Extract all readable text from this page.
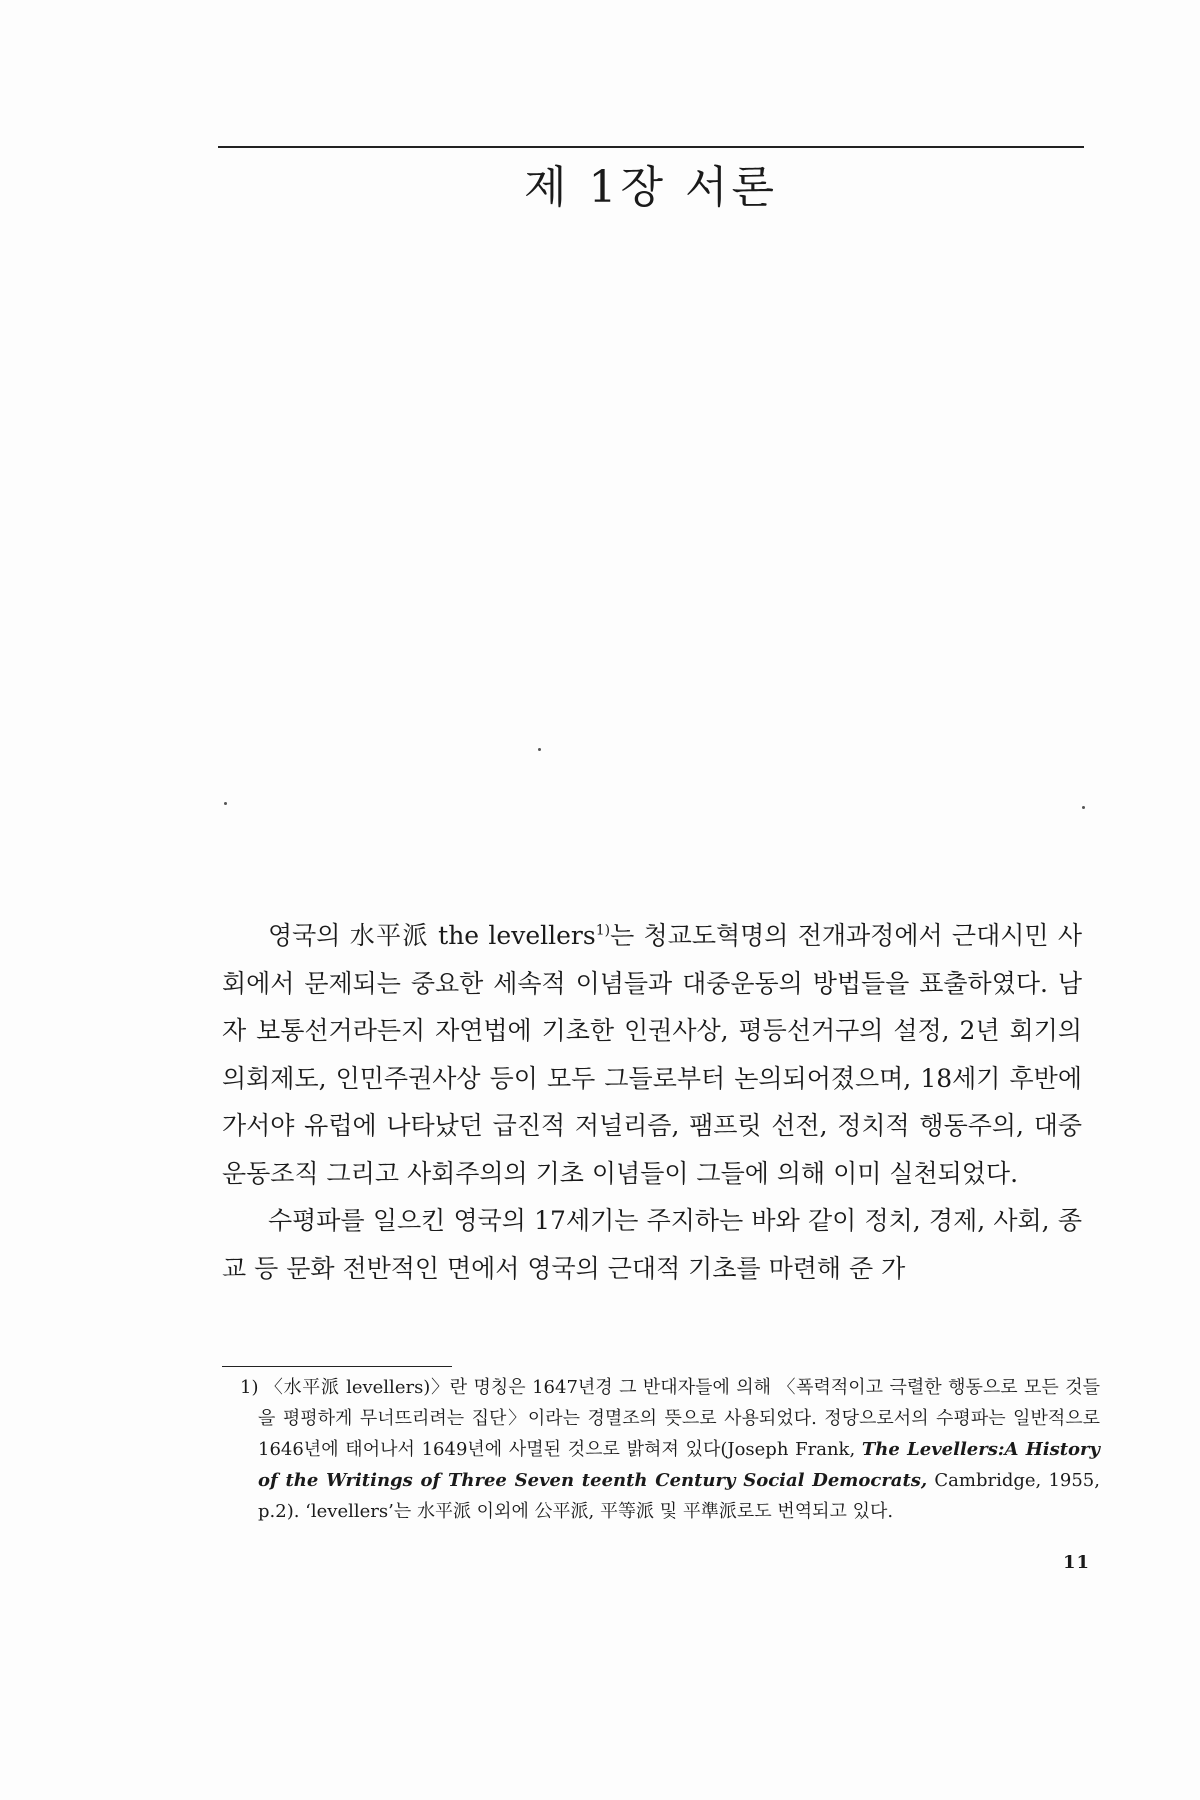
제 1장 서론

영국의 水平派 the levellers$^{1)}$는 청교도혁명의 전개과정에서 근대시민 사회에서 문제되는 중요한 세속적 이념들과 대중운동의 방법들을 표출하였다. 남자 보통선거라든지 자연법에 기초한 인권사상, 평등선거구의 설정, 2년 회기의 의회제도, 인민주권사상 등이 모두 그들로부터 논의되어졌으며, 18세기 후반에 가서야 유럽에 나타났던 급진적 저널리즘, 팸프릿 선전, 정치적 행동주의, 대중운동조직 그리고 사회주의의 기초 이념들이 그들에 의해 이미 실천되었다.

수평파를 일으킨 영국의 17세기는 주지하는 바와 같이 정치, 경제, 사회, 종교 등 문화 전반적인 면에서 영국의 근대적 기초를 마련해 준 가

1) 〈水平派 levellers)〉란 명칭은 1647년경 그 반대자들에 의해 〈폭력적이고 극렬한 행동으로 모든 것들을 평평하게 무너뜨리려는 집단〉이라는 경멸조의 뜻으로 사용되었다. 정당으로서의 수평파는 일반적으로 1646년에 태어나서 1649년에 사멸된 것으로 밝혀져 있다(Joseph Frank, The Levellers:A History of the Writings of Three Seven teenth Century Social Democrats, Cambridge, 1955, p.2). ‘levellers’는 水平派 이외에 公平派, 平等派 및 平準派로도 번역되고 있다.

11
